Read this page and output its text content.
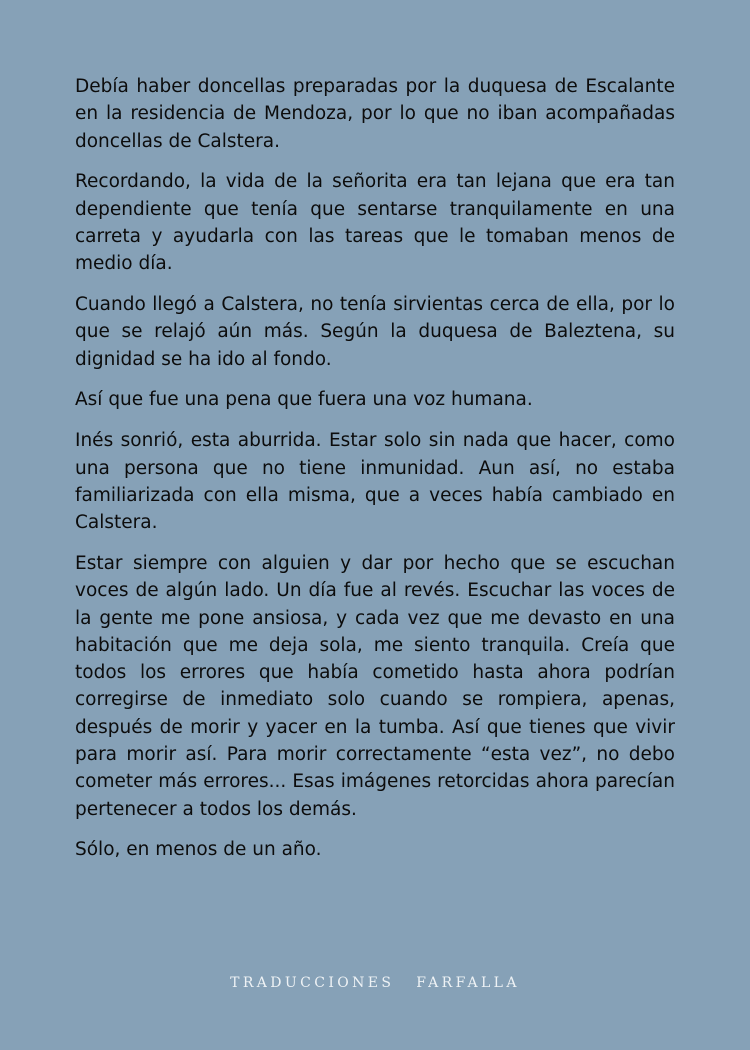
Debía haber doncellas preparadas por la duquesa de Escalante en la residencia de Mendoza, por lo que no iban acompañadas doncellas de Calstera.

Recordando, la vida de la señorita era tan lejana que era tan dependiente que tenía que sentarse tranquilamente en una carreta y ayudarla con las tareas que le tomaban menos de medio día.

Cuando llegó a Calstera, no tenía sirvientas cerca de ella, por lo que se relajó aún más. Según la duquesa de Baleztena, su dignidad se ha ido al fondo.

Así que fue una pena que fuera una voz humana.

Inés sonrió, esta aburrida. Estar solo sin nada que hacer, como una persona que no tiene inmunidad. Aun así, no estaba familiarizada con ella misma, que a veces había cambiado en Calstera.

Estar siempre con alguien y dar por hecho que se escuchan voces de algún lado. Un día fue al revés. Escuchar las voces de la gente me pone ansiosa, y cada vez que me devasto en una habitación que me deja sola, me siento tranquila. Creía que todos los errores que había cometido hasta ahora podrían corregirse de inmediato solo cuando se rompiera, apenas, después de morir y yacer en la tumba. Así que tienes que vivir para morir así. Para morir correctamente “esta vez”, no debo cometer más errores... Esas imágenes retorcidas ahora parecían pertenecer a todos los demás.

Sólo, en menos de un año.

TRADUCCIONES FARFALLA
